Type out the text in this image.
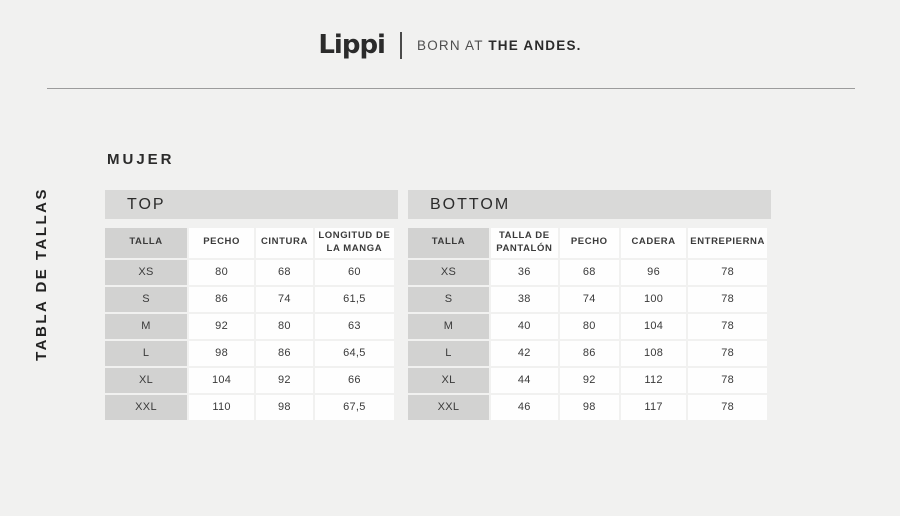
Lippi BORN AT THE ANDES.
TABLA DE TALLAS
MUJER
TOP
TALLA	PECHO	CINTURA	LONGITUD DE LA MANGA
XS	80	68	60
S	86	74	61,5
M	92	80	63
L	98	86	64,5
XL	104	92	66
XXL	110	98	67,5
BOTTOM
TALLA	TALLA DE PANTALÓN	PECHO	CADERA	ENTREPIERNA
XS	36	68	96	78
S	38	74	100	78
M	40	80	104	78
L	42	86	108	78
XL	44	92	112	78
XXL	46	98	117	78
